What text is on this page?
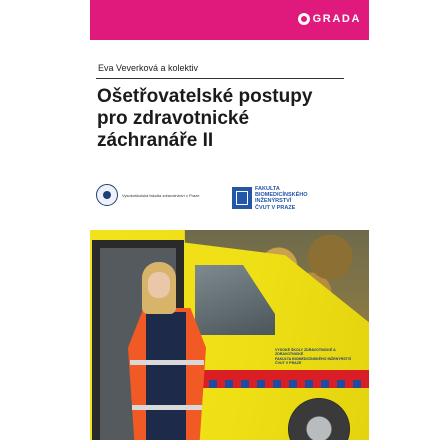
GRADA
Eva Veverková a kolektiv
Ošetřovatelské postupy
pro zdravotnické
záchranáře II
Vysokoškolská fakulta zdravotnictví v Praze
FAKULTA
BIOMEDICÍNSKÉHO
INŽENÝRSTVÍ
ČVUT V PRAZE
VYSOKÉ ŠKOLY ZDRAVOTNICKÉ A ZDRAVOTNICKÉ
FAKULTA BIOMEDICÍNSKÉHO INŽENÝRSTVÍ
ČVUT V PRAZE
